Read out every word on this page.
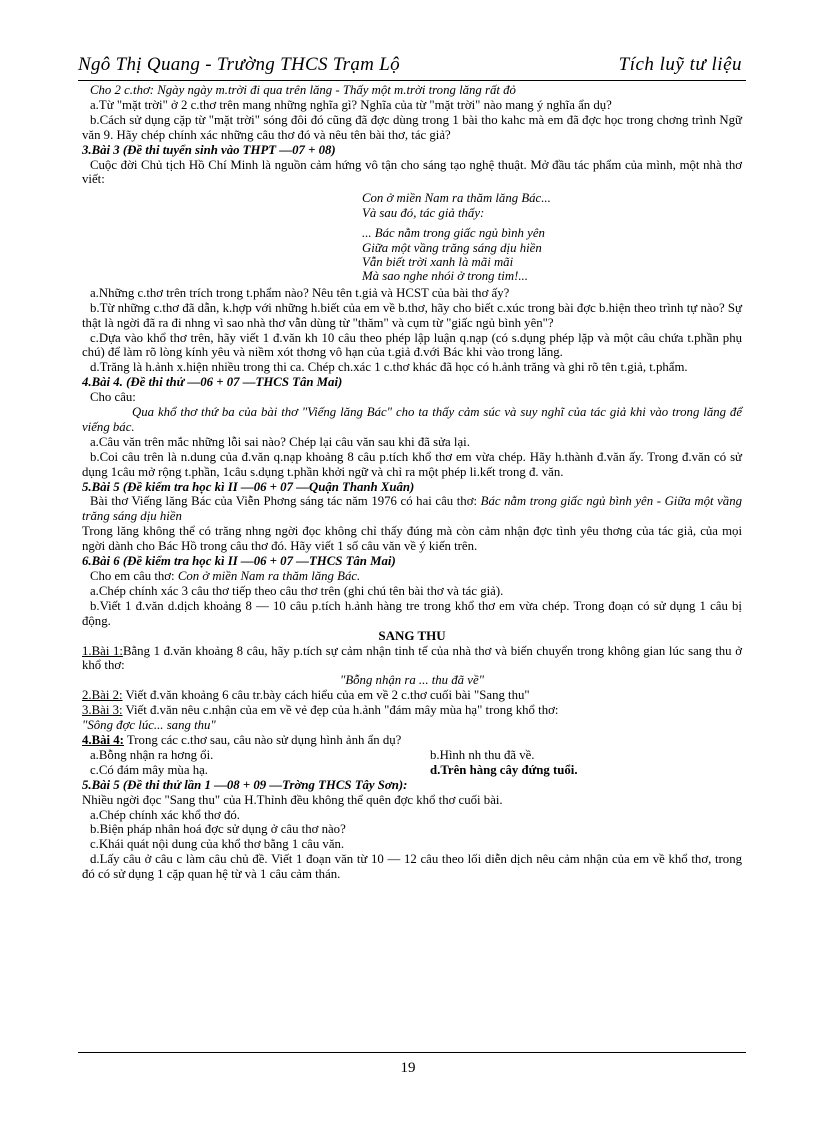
Ngô Thị Quang - Trường THCS Trạm Lộ	Tích luỹ tư liệu

Cho 2 c.thơ: Ngày ngày m.trời đi qua trên lăng - Thấy một m.trời trong lăng rất đỏ

a.Từ "mặt trời" ở 2 c.thơ trên mang những nghĩa gì? Nghĩa của từ "mặt trời" nào mang ý nghĩa ẩn dụ?

b.Cách sử dụng cặp từ "mặt trời" sóng đôi đó cũng đã đợc dùng trong 1 bài tho kahc mà em đã đợc học trong chơng trình Ngữ văn 9. Hãy chép chính xác những câu thơ đó và nêu tên bài thơ, tác giả?

3.Bài 3 (Đề thi tuyển sinh vào THPT —07 + 08)

Cuộc đời Chủ tịch Hồ Chí Minh là nguồn cảm hứng vô tận cho sáng tạo nghệ thuật. Mở đầu tác phẩm của mình, một nhà thơ viết:

Con ở miền Nam ra thăm lăng Bác...

Và sau đó, tác giả thấy:

... Bác nằm trong giấc ngủ bình yên

Giữa một vầng trăng sáng dịu hiền

Vẫn biết trời xanh là mãi mãi

Mà sao nghe nhói ở trong tim!...

a.Những c.thơ trên trích trong t.phẩm nào? Nêu tên t.giả và HCST của bài thơ ấy?

b.Từ những c.thơ đã dẫn, k.hợp với những h.biết của em về b.thơ, hãy cho biết c.xúc trong bài đợc b.hiện theo trình tự nào? Sự thật là ngời đã ra đi nhng vì sao nhà thơ vẫn dùng từ "thăm" và cụm từ "giấc ngủ bình yên"?

c.Dựa vào khổ thơ trên, hãy viết 1 đ.văn kh 10 câu theo phép lập luận q.nạp (có s.dụng phép lặp và một câu chứa t.phần phụ chú) để làm rõ lòng kính yêu và niềm xót thơng vô hạn của t.giả đ.với Bác khi vào trong lăng.

d.Trăng là h.ảnh x.hiện nhiều trong thi ca. Chép ch.xác 1 c.thơ khác đã học có h.ảnh trăng và ghi rõ tên t.giả, t.phẩm.

4.Bài 4. (Đề thi thử —06 + 07 —THCS Tân Mai)

Cho câu:

Qua khổ thơ thứ ba của bài thơ "Viếng lăng Bác" cho ta thấy cảm súc và suy nghĩ của tác giả khi vào trong lăng để viếng bác.

a.Câu văn trên mắc những lỗi sai nào? Chép lại câu văn sau khi đã sửa lại.

b.Coi câu trên là n.dung của đ.văn q.nạp khoảng 8 câu p.tích khổ thơ em vừa chép. Hãy h.thành đ.văn ấy. Trong đ.văn có sử dụng 1câu mở rộng t.phần, 1câu s.dụng t.phần khởi ngữ và chỉ ra một phép li.kết trong đ. văn.

5.Bài 5 (Đề kiểm tra học kì II —06 + 07 —Quận Thanh Xuân)

Bài thơ Viếng lăng Bác của Viễn Phơng sáng tác năm 1976 có hai câu thơ: Bác nằm trong giấc ngủ bình yên - Giữa một vầng trăng sáng dịu hiền

Trong lăng không thể có trăng nhng ngời đọc không chỉ thấy đúng mà còn cảm nhận đợc tình yêu thơng của tác giả, của mọi ngời dành cho Bác Hồ trong câu thơ đó. Hãy viết 1 số câu văn về ý kiến trên.

6.Bài 6 (Đề kiểm tra học kì II —06 + 07 —THCS Tân Mai)

Cho em câu thơ: Con ở miền Nam ra thăm lăng Bác.

a.Chép chính xác 3 câu thơ tiếp theo câu thơ trên (ghi chú tên bài thơ và tác giả).

b.Viết 1 đ.văn d.dịch khoảng 8 — 10 câu p.tích h.ảnh hàng tre trong khổ thơ em vừa chép. Trong đoạn có sử dụng 1 câu bị động.

SANG THU

1.Bài 1:Bằng 1 đ.văn khoảng 8 câu, hãy p.tích sự cảm nhận tinh tế của nhà thơ và biến chuyển trong không gian lúc sang thu ở khổ thơ:

"Bỗng nhận ra ... thu đã về"

2.Bài 2: Viết đ.văn khoảng 6 câu tr.bày cách hiểu của em về 2 c.thơ cuối bài "Sang thu"

3.Bài 3: Viết đ.văn nêu c.nhận của em về vẻ đẹp của h.ảnh "đám mây mùa hạ" trong khổ thơ:

"Sông đợc lúc... sang thu"

4.Bài 4: Trong các c.thơ sau, câu nào sử dụng hình ảnh ẩn dụ?

a.Bỗng nhận ra hơng ổi.	b.Hình nh thu đã về.
c.Có đám mây mùa hạ.	d.Trên hàng cây đứng tuổi.

5.Bài 5 (Đề thi thử lần 1 —08 + 09 —Trờng THCS Tây Sơn):

Nhiều ngời đọc "Sang thu" của H.Thỉnh đều không thể quên đợc khổ thơ cuối bài.

a.Chép chính xác khổ thơ đó.

b.Biện pháp nhân hoá đợc sử dụng ở câu thơ nào?

c.Khái quát nội dung của khổ thơ bằng 1 câu văn.

d.Lấy câu ở câu c làm câu chủ đề. Viết 1 đoạn văn từ 10 — 12 câu theo lối diễn dịch nêu cảm nhận của em về khổ thơ, trong đó có sử dụng 1 cặp quan hệ từ và 1 câu cảm thán.

19
